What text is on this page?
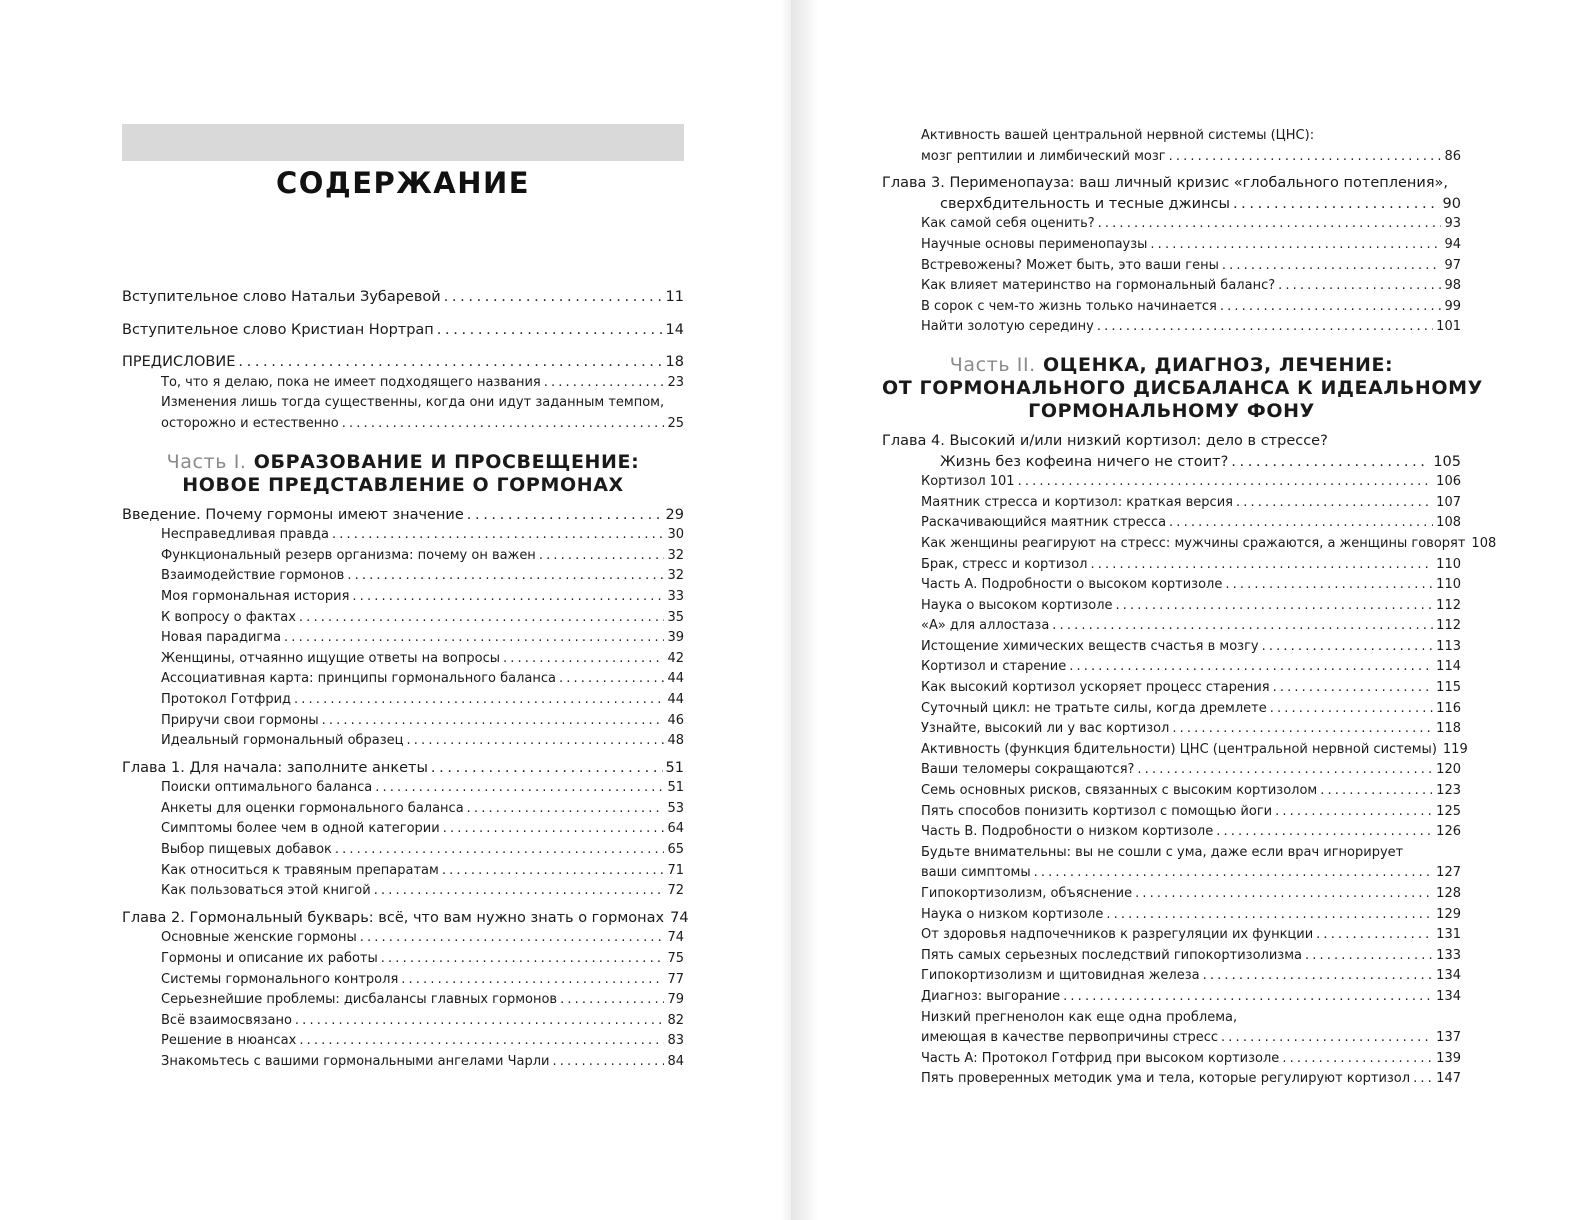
СОДЕРЖАНИЕ
Вступительное слово Натальи Зубаревой . . .	11
Вступительное слово Кристиан Нортрап . . .	14
ПРЕДИСЛОВИЕ . . .	18
То, что я делаю, пока не имеет подходящего названия . . .	23
Изменения лишь тогда существенны, когда они идут заданным темпом,
осторожно и естественно . . .	25
Часть I. ОБРАЗОВАНИЕ И ПРОСВЕЩЕНИЕ:
НОВОЕ ПРЕДСТАВЛЕНИЕ О ГОРМОНАХ
Введение. Почему гормоны имеют значение . . .	29
Несправедливая правда . . .	30
Функциональный резерв организма: почему он важен . . .	32
Взаимодействие гормонов . . .	32
Моя гормональная история . . .	33
К вопросу о фактах . . .	35
Новая парадигма . . .	39
Женщины, отчаянно ищущие ответы на вопросы . . .	42
Ассоциативная карта: принципы гормонального баланса . . .	44
Протокол Готфрид . . .	44
Приручи свои гормоны . . .	46
Идеальный гормональный образец . . .	48
Глава 1. Для начала: заполните анкеты . . .	51
Поиски оптимального баланса . . .	51
Анкеты для оценки гормонального баланса . . .	53
Симптомы более чем в одной категории . . .	64
Выбор пищевых добавок . . .	65
Как относиться к травяным препаратам . . .	71
Как пользоваться этой книгой . . .	72
Глава 2. Гормональный букварь: всё, что вам нужно знать о гормонах 74
Основные женские гормоны . . .	74
Гормоны и описание их работы . . .	75
Системы гормонального контроля . . .	77
Серьезнейшие проблемы: дисбалансы главных гормонов . . .	79
Всё взаимосвязано . . .	82
Решение в нюансах . . .	83
Знакомьтесь с вашими гормональными ангелами Чарли . . .	84
Активность вашей центральной нервной системы (ЦНС):
мозг рептилии и лимбический мозг . . .	86
Глава 3. Перименопауза: ваш личный кризис «глобального потепления»,
сверхбдительность и тесные джинсы . . .	90
Как самой себя оценить? . . .	93
Научные основы перименопаузы . . .	94
Встревожены? Может быть, это ваши гены . . .	97
Как влияет материнство на гормональный баланс? . . .	98
В сорок с чем-то жизнь только начинается . . .	99
Найти золотую середину . . .	101
Часть II. ОЦЕНКА, ДИАГНОЗ, ЛЕЧЕНИЕ:
ОТ ГОРМОНАЛЬНОГО ДИСБАЛАНСА К ИДЕАЛЬНОМУ
ГОРМОНАЛЬНОМУ ФОНУ
Глава 4. Высокий и/или низкий кортизол: дело в стрессе?
Жизнь без кофеина ничего не стоит? . . .	105
Кортизол 101 . . .	106
Маятник стресса и кортизол: краткая версия . . .	107
Раскачивающийся маятник стресса . . .	108
Как женщины реагируют на стресс: мужчины сражаются, а женщины говорят 108
Брак, стресс и кортизол . . .	110
Часть А. Подробности о высоком кортизоле . . .	110
Наука о высоком кортизоле . . .	112
«А» для аллостаза . . .	112
Истощение химических веществ счастья в мозгу . . .	113
Кортизол и старение . . .	114
Как высокий кортизол ускоряет процесс старения . . .	115
Суточный цикл: не тратьте силы, когда дремлете . . .	116
Узнайте, высокий ли у вас кортизол . . .	118
Активность (функция бдительности) ЦНС (центральной нервной системы) 119
Ваши теломеры сокращаются? . . .	120
Семь основных рисков, связанных с высоким кортизолом . . .	123
Пять способов понизить кортизол с помощью йоги . . .	125
Часть В. Подробности о низком кортизоле . . .	126
Будьте внимательны: вы не сошли с ума, даже если врач игнорирует
ваши симптомы . . .	127
Гипокортизолизм, объяснение . . .	128
Наука о низком кортизоле . . .	129
От здоровья надпочечников к разрегуляции их функции . . .	131
Пять самых серьезных последствий гипокортизолизма . . .	133
Гипокортизолизм и щитовидная железа . . .	134
Диагноз: выгорание . . .	134
Низкий прегненолон как еще одна проблема,
имеющая в качестве первопричины стресс . . .	137
Часть А: Протокол Готфрид при высоком кортизоле . . .	139
Пять проверенных методик ума и тела, которые регулируют кортизол . . . 147
